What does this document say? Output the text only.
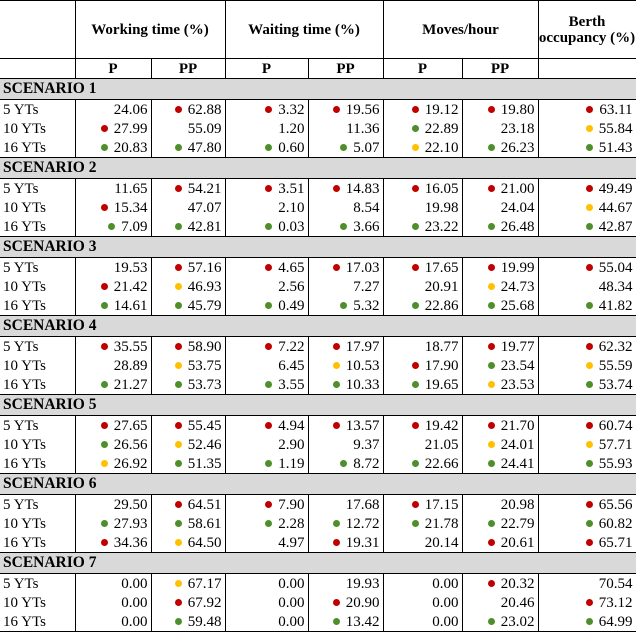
	Working time (%)		Waiting time (%)		Moves/hour		Berth occupancy (%)
	P	PP	P	PP	P	PP	
SCENARIO 1							
5 YTs	24.06	62.88	3.32	19.56	19.12	19.80	63.11
10 YTs	27.99	55.09	1.20	11.36	22.89	23.18	55.84
16 YTs	20.83	47.80	0.60	5.07	22.10	26.23	51.43
SCENARIO 2							
5 YTs	11.65	54.21	3.51	14.83	16.05	21.00	49.49
10 YTs	15.34	47.07	2.10	8.54	19.98	24.04	44.67
16 YTs	7.09	42.81	0.03	3.66	23.22	26.48	42.87
SCENARIO 3							
5 YTs	19.53	57.16	4.65	17.03	17.65	19.99	55.04
10 YTs	21.42	46.93	2.56	7.27	20.91	24.73	48.34
16 YTs	14.61	45.79	0.49	5.32	22.86	25.68	41.82
SCENARIO 4							
5 YTs	35.55	58.90	7.22	17.97	18.77	19.77	62.32
10 YTs	28.89	53.75	6.45	10.53	17.90	23.54	55.59
16 YTs	21.27	53.73	3.55	10.33	19.65	23.53	53.74
SCENARIO 5							
5 YTs	27.65	55.45	4.94	13.57	19.42	21.70	60.74
10 YTs	26.56	52.46	2.90	9.37	21.05	24.01	57.71
16 YTs	26.92	51.35	1.19	8.72	22.66	24.41	55.93
SCENARIO 6							
5 YTs	29.50	64.51	7.90	17.68	17.15	20.98	65.56
10 YTs	27.93	58.61	2.28	12.72	21.78	22.79	60.82
16 YTs	34.36	64.50	4.97	19.31	20.14	20.61	65.71
SCENARIO 7							
5 YTs	0.00	67.17	0.00	19.93	0.00	20.32	70.54
10 YTs	0.00	67.92	0.00	20.90	0.00	20.46	73.12
16 YTs	0.00	59.48	0.00	13.42	0.00	23.02	64.99
